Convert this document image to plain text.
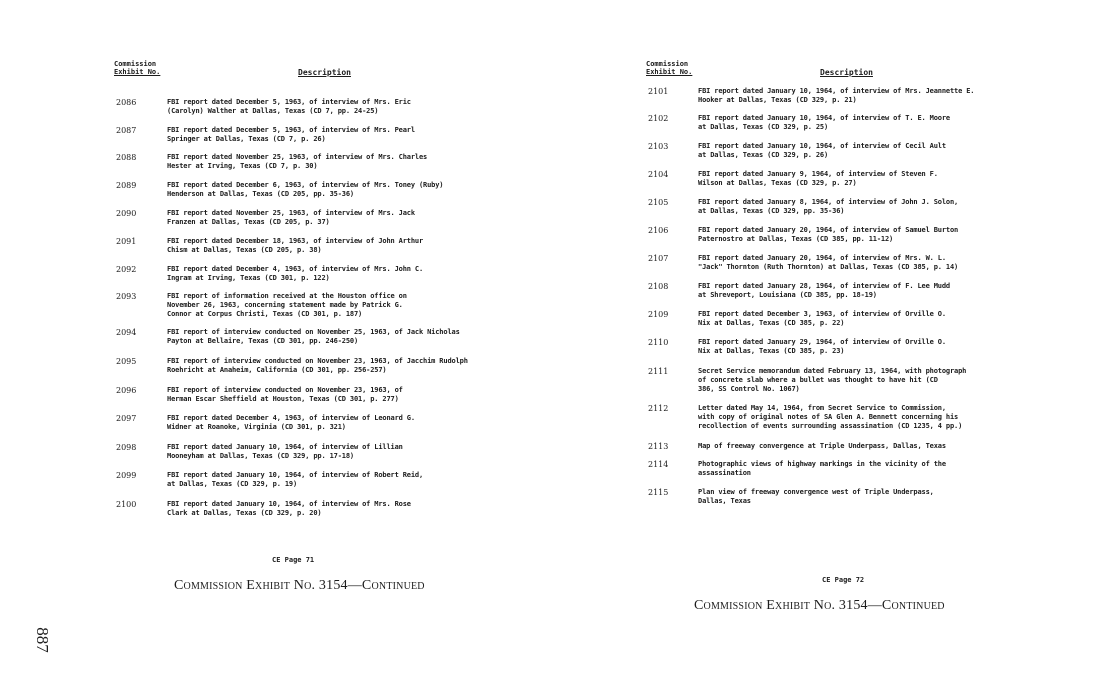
Commission
Exhibit No.	Description
2086	FBI report dated December 5, 1963, of interview of Mrs. Eric
(Carolyn) Walther at Dallas, Texas (CD 7, pp. 24-25)
2087	FBI report dated December 5, 1963, of interview of Mrs. Pearl
Springer at Dallas, Texas (CD 7, p. 26)
2088	FBI report dated November 25, 1963, of interview of Mrs. Charles
Hester at Irving, Texas (CD 7, p. 30)
2089	FBI report dated December 6, 1963, of interview of Mrs. Toney (Ruby)
Henderson at Dallas, Texas (CD 205, pp. 35-36)
2090	FBI report dated November 25, 1963, of interview of Mrs. Jack
Franzen at Dallas, Texas (CD 205, p. 37)
2091	FBI report dated December 18, 1963, of interview of John Arthur
Chism at Dallas, Texas (CD 205, p. 38)
2092	FBI report dated December 4, 1963, of interview of Mrs. John C.
Ingram at Irving, Texas (CD 301, p. 122)
2093	FBI report of information received at the Houston office on
November 26, 1963, concerning statement made by Patrick G.
Connor at Corpus Christi, Texas (CD 301, p. 187)
2094	FBI report of interview conducted on November 25, 1963, of Jack Nicholas
Payton at Bellaire, Texas (CD 301, pp. 246-250)
2095	FBI report of interview conducted on November 23, 1963, of Jacchim Rudolph
Roehricht at Anaheim, California (CD 301, pp. 256-257)
2096	FBI report of interview conducted on November 23, 1963, of
Herman Escar Sheffield at Houston, Texas (CD 301, p. 277)
2097	FBI report dated December 4, 1963, of interview of Leonard G.
Widner at Roanoke, Virginia (CD 301, p. 321)
2098	FBI report dated January 10, 1964, of interview of Lillian
Mooneyham at Dallas, Texas (CD 329, pp. 17-18)
2099	FBI report dated January 10, 1964, of interview of Robert Reid,
at Dallas, Texas (CD 329, p. 19)
2100	FBI report dated January 10, 1964, of interview of Mrs. Rose
Clark at Dallas, Texas (CD 329, p. 20)
CE Page 71
Commission Exhibit No. 3154—Continued
Commission
Exhibit No.	Description
2101	FBI report dated January 10, 1964, of interview of Mrs. Jeannette E.
Hooker at Dallas, Texas (CD 329, p. 21)
2102	FBI report dated January 10, 1964, of interview of T. E. Moore
at Dallas, Texas (CD 329, p. 25)
2103	FBI report dated January 10, 1964, of interview of Cecil Ault
at Dallas, Texas (CD 329, p. 26)
2104	FBI report dated January 9, 1964, of interview of Steven F.
Wilson at Dallas, Texas (CD 329, p. 27)
2105	FBI report dated January 8, 1964, of interview of John J. Solon,
at Dallas, Texas (CD 329, pp. 35-36)
2106	FBI report dated January 20, 1964, of interview of Samuel Burton
Paternostro at Dallas, Texas (CD 385, pp. 11-12)
2107	FBI report dated January 20, 1964, of interview of Mrs. W. L.
"Jack" Thornton (Ruth Thornton) at Dallas, Texas (CD 385, p. 14)
2108	FBI report dated January 28, 1964, of interview of F. Lee Mudd
at Shreveport, Louisiana (CD 385, pp. 18-19)
2109	FBI report dated December 3, 1963, of interview of Orville O.
Nix at Dallas, Texas (CD 385, p. 22)
2110	FBI report dated January 29, 1964, of interview of Orville O.
Nix at Dallas, Texas (CD 385, p. 23)
2111	Secret Service memorandum dated February 13, 1964, with photograph
of concrete slab where a bullet was thought to have hit (CD
386, SS Control No. 1067)
2112	Letter dated May 14, 1964, from Secret Service to Commission,
with copy of original notes of SA Glen A. Bennett concerning his
recollection of events surrounding assassination (CD 1235, 4 pp.)
2113	Map of freeway convergence at Triple Underpass, Dallas, Texas
2114	Photographic views of highway markings in the vicinity of the
assassination
2115	Plan view of freeway convergence west of Triple Underpass,
Dallas, Texas
CE Page 72
Commission Exhibit No. 3154—Continued
887
